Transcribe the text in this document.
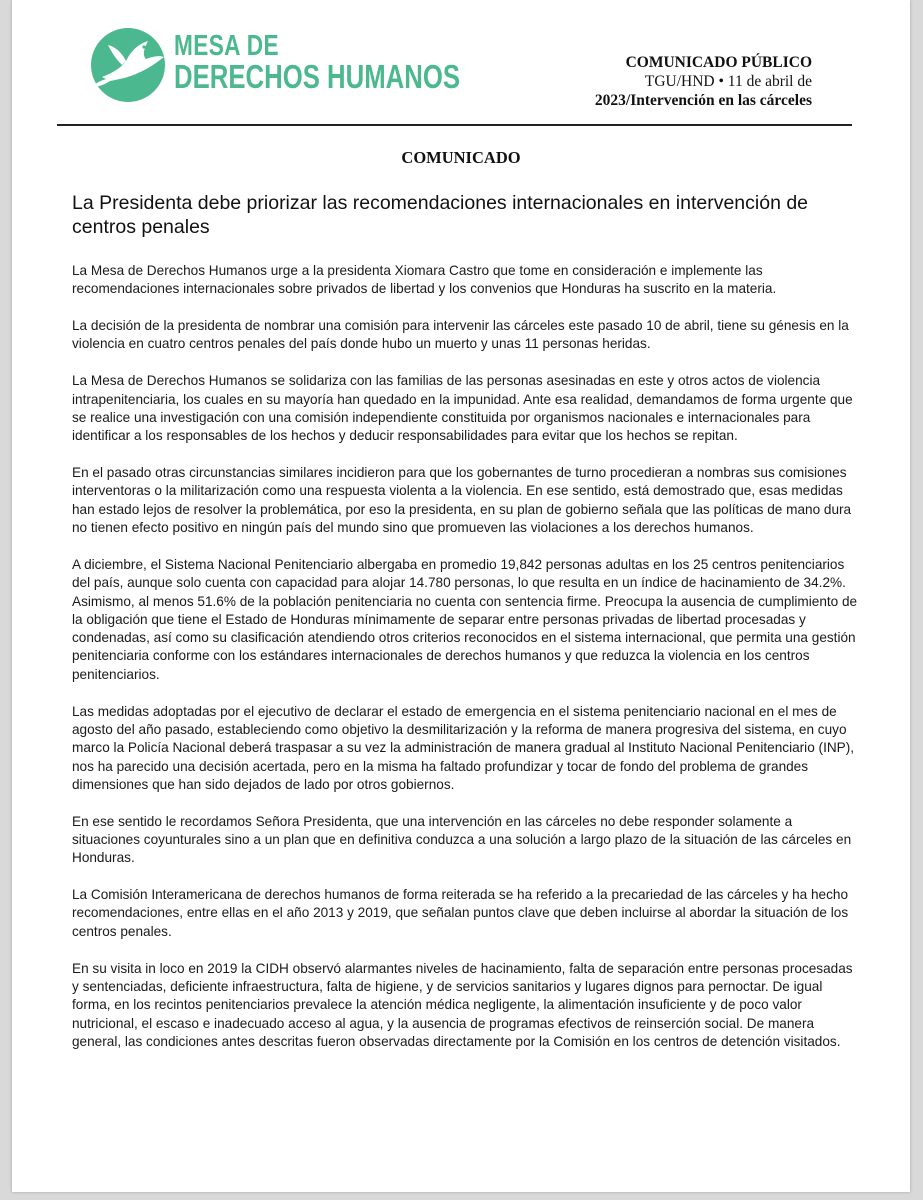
MESA DE
DERECHOS HUMANOS	COMUNICADO PÚBLICO
TGU/HND • 11 de abril de
2023/Intervención en las cárceles
COMUNICADO
La Presidenta debe priorizar las recomendaciones internacionales en intervención de centros penales

La Mesa de Derechos Humanos urge a la presidenta Xiomara Castro que tome en consideración e implemente las recomendaciones internacionales sobre privados de libertad y los convenios que Honduras ha suscrito en la materia.

La decisión de la presidenta de nombrar una comisión para intervenir las cárceles este pasado 10 de abril, tiene su génesis en la violencia en cuatro centros penales del país donde hubo un muerto y unas 11 personas heridas.

La Mesa de Derechos Humanos se solidariza con las familias de las personas asesinadas en este y otros actos de violencia intrapenitenciaria, los cuales en su mayoría han quedado en la impunidad. Ante esa realidad, demandamos de forma urgente que se realice una investigación con una comisión independiente constituida por organismos nacionales e internacionales para identificar a los responsables de los hechos y deducir responsabilidades para evitar que los hechos se repitan.

En el pasado otras circunstancias similares incidieron para que los gobernantes de turno procedieran a nombras sus comisiones interventoras o la militarización como una respuesta violenta a la violencia. En ese sentido, está demostrado que, esas medidas han estado lejos de resolver la problemática, por eso la presidenta, en su plan de gobierno señala que las políticas de mano dura no tienen efecto positivo en ningún país del mundo sino que promueven las violaciones a los derechos humanos.

A diciembre, el Sistema Nacional Penitenciario albergaba en promedio 19,842 personas adultas en los 25 centros penitenciarios del país, aunque solo cuenta con capacidad para alojar 14.780 personas, lo que resulta en un índice de hacinamiento de 34.2%. Asimismo, al menos 51.6% de la población penitenciaria no cuenta con sentencia firme. Preocupa la ausencia de cumplimiento de la obligación que tiene el Estado de Honduras mínimamente de separar entre personas privadas de libertad procesadas y condenadas, así como su clasificación atendiendo otros criterios reconocidos en el sistema internacional, que permita una gestión penitenciaria conforme con los estándares internacionales de derechos humanos y que reduzca la violencia en los centros penitenciarios.

Las medidas adoptadas por el ejecutivo de declarar el estado de emergencia en el sistema penitenciario nacional en el mes de agosto del año pasado, estableciendo como objetivo la desmilitarización y la reforma de manera progresiva del sistema, en cuyo marco la Policía Nacional deberá traspasar a su vez la administración de manera gradual al Instituto Nacional Penitenciario (INP), nos ha parecido una decisión acertada, pero en la misma ha faltado profundizar y tocar de fondo del problema de grandes dimensiones que han sido dejados de lado por otros gobiernos.

En ese sentido le recordamos Señora Presidenta, que una intervención en las cárceles no debe responder solamente a situaciones coyunturales sino a un plan que en definitiva conduzca a una solución a largo plazo de la situación de las cárceles en Honduras.

La Comisión Interamericana de derechos humanos de forma reiterada se ha referido a la precariedad de las cárceles y ha hecho recomendaciones, entre ellas en el año 2013 y 2019, que señalan puntos clave que deben incluirse al abordar la situación de los centros penales.

En su visita in loco en 2019 la CIDH observó alarmantes niveles de hacinamiento, falta de separación entre personas procesadas y sentenciadas, deficiente infraestructura, falta de higiene, y de servicios sanitarios y lugares dignos para pernoctar. De igual forma, en los recintos penitenciarios prevalece la atención médica negligente, la alimentación insuficiente y de poco valor nutricional, el escaso e inadecuado acceso al agua, y la ausencia de programas efectivos de reinserción social. De manera general, las condiciones antes descritas fueron observadas directamente por la Comisión en los centros de detención visitados.
